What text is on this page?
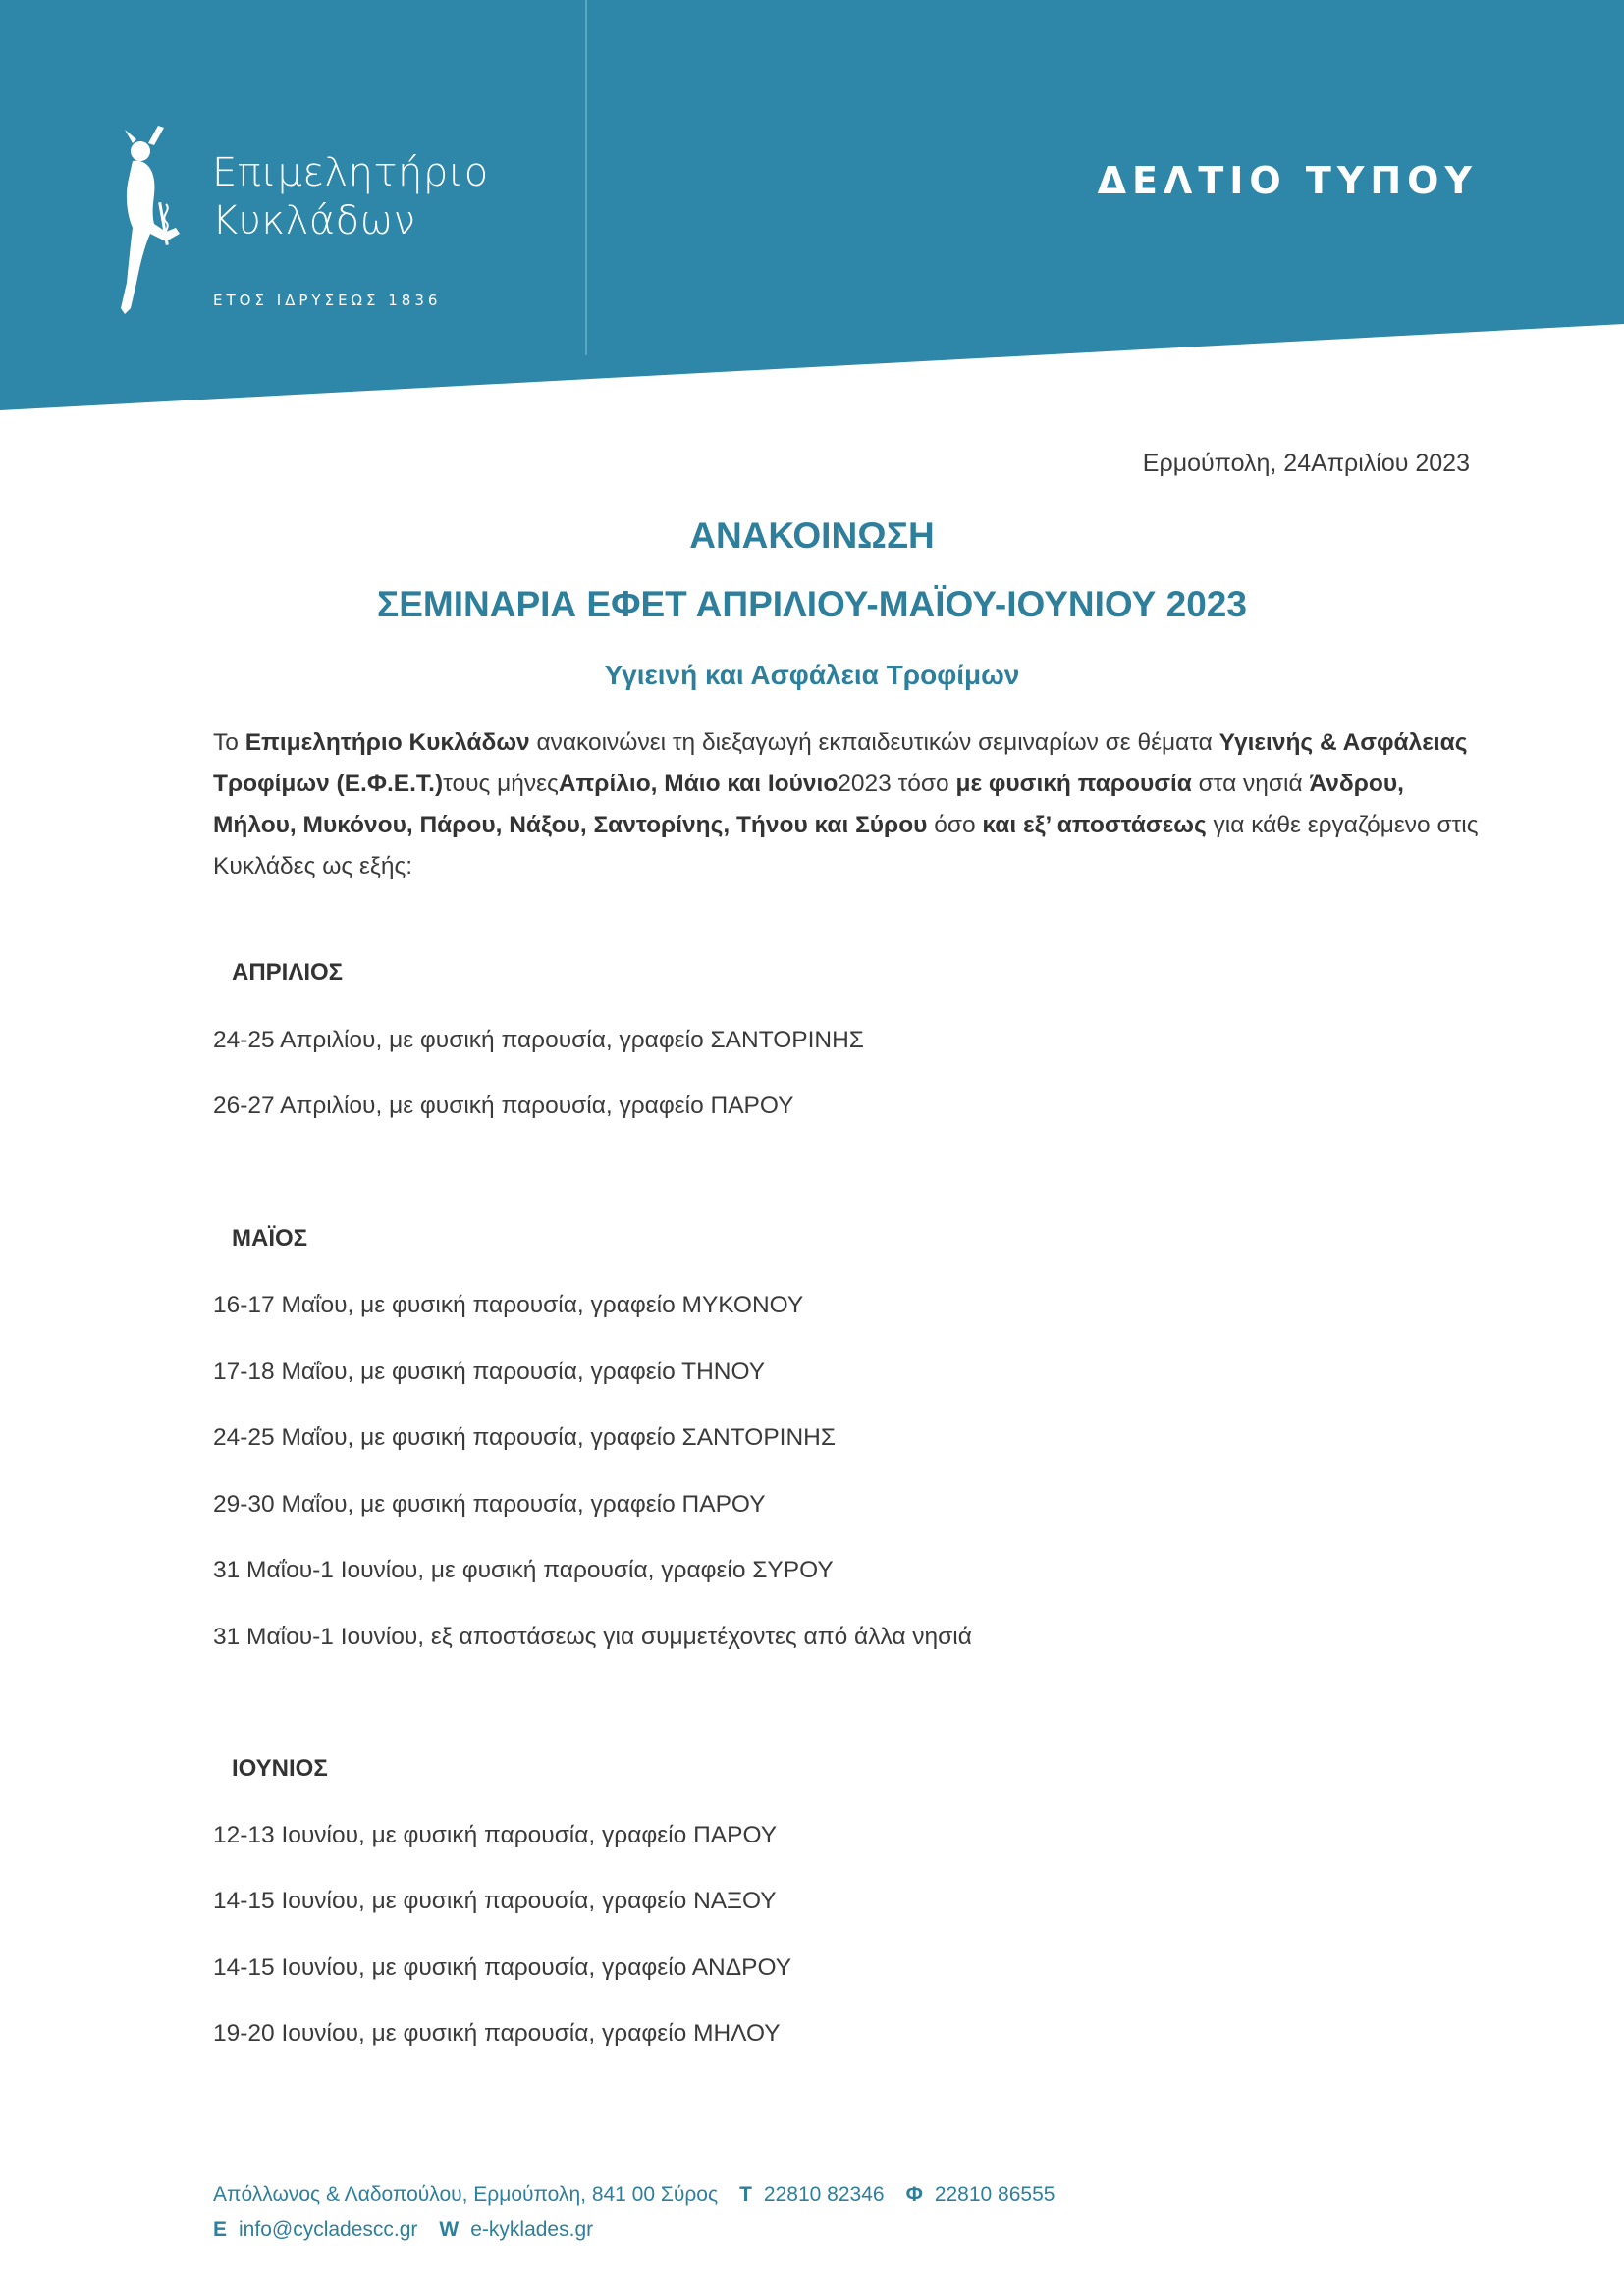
Επιμελητήριο
Κυκλάδων
ΕΤΟΣ ΙΔΡΥΣΕΩΣ 1836
ΔΕΛΤΙΟ ΤΥΠΟΥ
Ερμούπολη, 24Απριλίου 2023
ΑΝΑΚΟΙΝΩΣΗ
ΣΕΜΙΝΑΡΙΑ ΕΦΕΤ ΑΠΡΙΛΙΟΥ-ΜΑΪΟΥ-ΙΟΥΝΙΟΥ 2023
Υγιεινή και Ασφάλεια Τροφίμων
Το Επιμελητήριο Κυκλάδων ανακοινώνει τη διεξαγωγή εκπαιδευτικών σεμιναρίων σε θέματα Υγιεινής & Ασφάλειας Τροφίμων (Ε.Φ.Ε.Τ.)τους μήνεςΑπρίλιο, Μάιο και Ιούνιο2023 τόσο με φυσική παρουσία στα νησιά Άνδρου, Μήλου, Μυκόνου, Πάρου, Νάξου, Σαντορίνης, Τήνου και Σύρου όσο και εξ’ αποστάσεως για κάθε εργαζόμενο στις Κυκλάδες ως εξής:
ΑΠΡΙΛΙΟΣ
24-25 Απριλίου, με φυσική παρουσία, γραφείο ΣΑΝΤΟΡΙΝΗΣ
26-27 Απριλίου, με φυσική παρουσία, γραφείο ΠΑΡΟΥ
ΜΑΪΟΣ
16-17 Μαΐου, με φυσική παρουσία, γραφείο ΜΥΚΟΝΟΥ
17-18 Μαΐου, με φυσική παρουσία, γραφείο ΤΗΝΟΥ
24-25 Μαΐου, με φυσική παρουσία, γραφείο ΣΑΝΤΟΡΙΝΗΣ
29-30 Μαΐου, με φυσική παρουσία, γραφείο ΠΑΡΟΥ
31 Μαΐου-1 Ιουνίου, με φυσική παρουσία, γραφείο ΣΥΡΟΥ
31 Μαΐου-1 Ιουνίου, εξ αποστάσεως για συμμετέχοντες από άλλα νησιά
ΙΟΥΝΙΟΣ
12-13 Ιουνίου, με φυσική παρουσία, γραφείο ΠΑΡΟΥ
14-15 Ιουνίου, με φυσική παρουσία, γραφείο ΝΑΞΟΥ
14-15 Ιουνίου, με φυσική παρουσία, γραφείο ΑΝΔΡΟΥ
19-20 Ιουνίου, με φυσική παρουσία, γραφείο ΜΗΛΟΥ
Απόλλωνος & Λαδοπούλου, Ερμούπολη, 841 00 Σύρος Τ 22810 82346 Φ 22810 86555
Ε info@cycladescc.gr W e-kyklades.gr
